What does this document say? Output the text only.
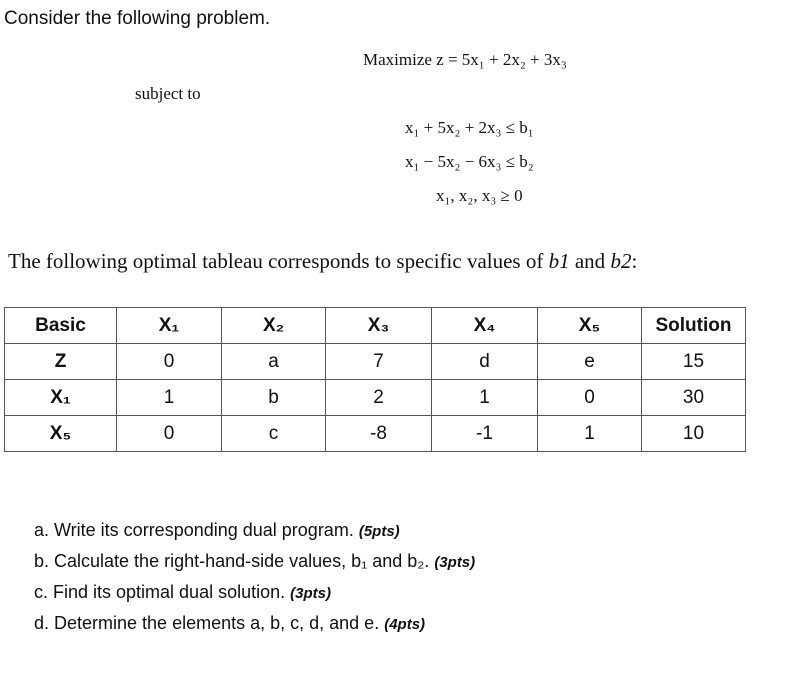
Consider the following problem.
Maximize z = 5x₁ + 2x₂ + 3x₃
subject to
x₁ + 5x₂ + 2x₃ ≤ b₁
x₁ − 5x₂ − 6x₃ ≤ b₂
x₁, x₂, x₃ ≥ 0
The following optimal tableau corresponds to specific values of b1 and b2:
Basic	X₁	X₂	X₃	X₄	X₅	Solution
Z	0	a	7	d	e	15
X₁	1	b	2	1	0	30
X₅	0	c	-8	-1	1	10
a. Write its corresponding dual program. (5pts)
b. Calculate the right-hand-side values, b₁ and b₂. (3pts)
c. Find its optimal dual solution. (3pts)
d. Determine the elements a, b, c, d, and e. (4pts)
